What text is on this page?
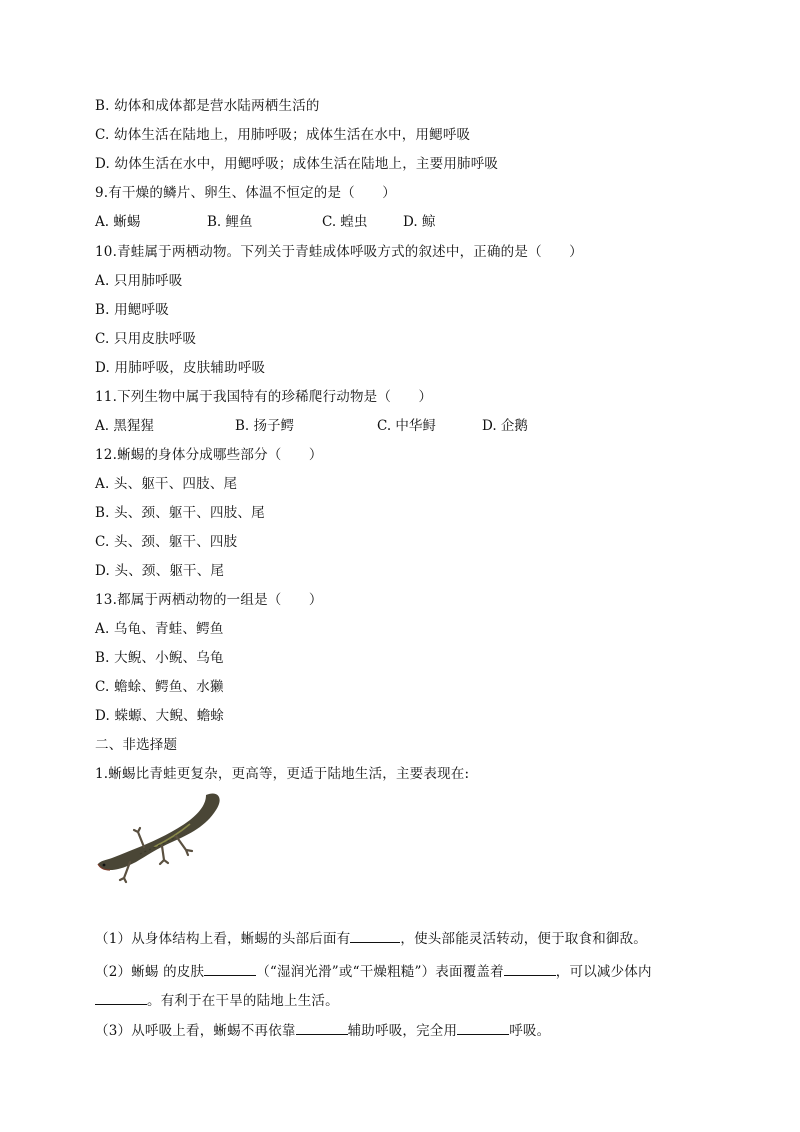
B. 幼体和成体都是营水陆两栖生活的
C. 幼体生活在陆地上，用肺呼吸；成体生活在水中，用鳃呼吸
D. 幼体生活在水中，用鳃呼吸；成体生活在陆地上，主要用肺呼吸
9.有干燥的鳞片、卵生、体温不恒定的是（　　）

A. 蜥蜴

	B. 鲤鱼

	C. 蝗虫

	D. 鲸

10.青蛙属于两栖动物。下列关于青蛙成体呼吸方式的叙述中，正确的是（　　）
A. 只用肺呼吸
B. 用鳃呼吸
C. 只用皮肤呼吸
D. 用肺呼吸，皮肤辅助呼吸
11.下列生物中属于我国特有的珍稀爬行动物是（　　）

A. 黑猩猩

	B. 扬子鳄

	C. 中华鲟

	D. 企鹅

12.蜥蜴的身体分成哪些部分（　　）
A. 头、躯干、四肢、尾
B. 头、颈、躯干、四肢、尾
C. 头、颈、躯干、四肢
D. 头、颈、躯干、尾
13.都属于两栖动物的一组是（　　）
A. 乌龟、青蛙、鳄鱼
B. 大鲵、小鲵、乌龟
C. 蟾蜍、鳄鱼、水獭
D. 蝾螈、大鲵、蟾蜍
二、非选择题
1.蜥蜴比青蛙更复杂，更高等，更适于陆地生活，主要表现在:
（1）从身体结构上看，蜥蜴的头部后面有	，使头部能灵活转动，便于取食和御敌。
（2）蜥蜴 的皮肤	（“湿润光滑”或“干燥粗糙”）表面覆盖着	，可以减少体内
。有利于在干旱的陆地上生活。
（3）从呼吸上看，蜥蜴不再依靠	辅助呼吸，完全用	呼吸。
